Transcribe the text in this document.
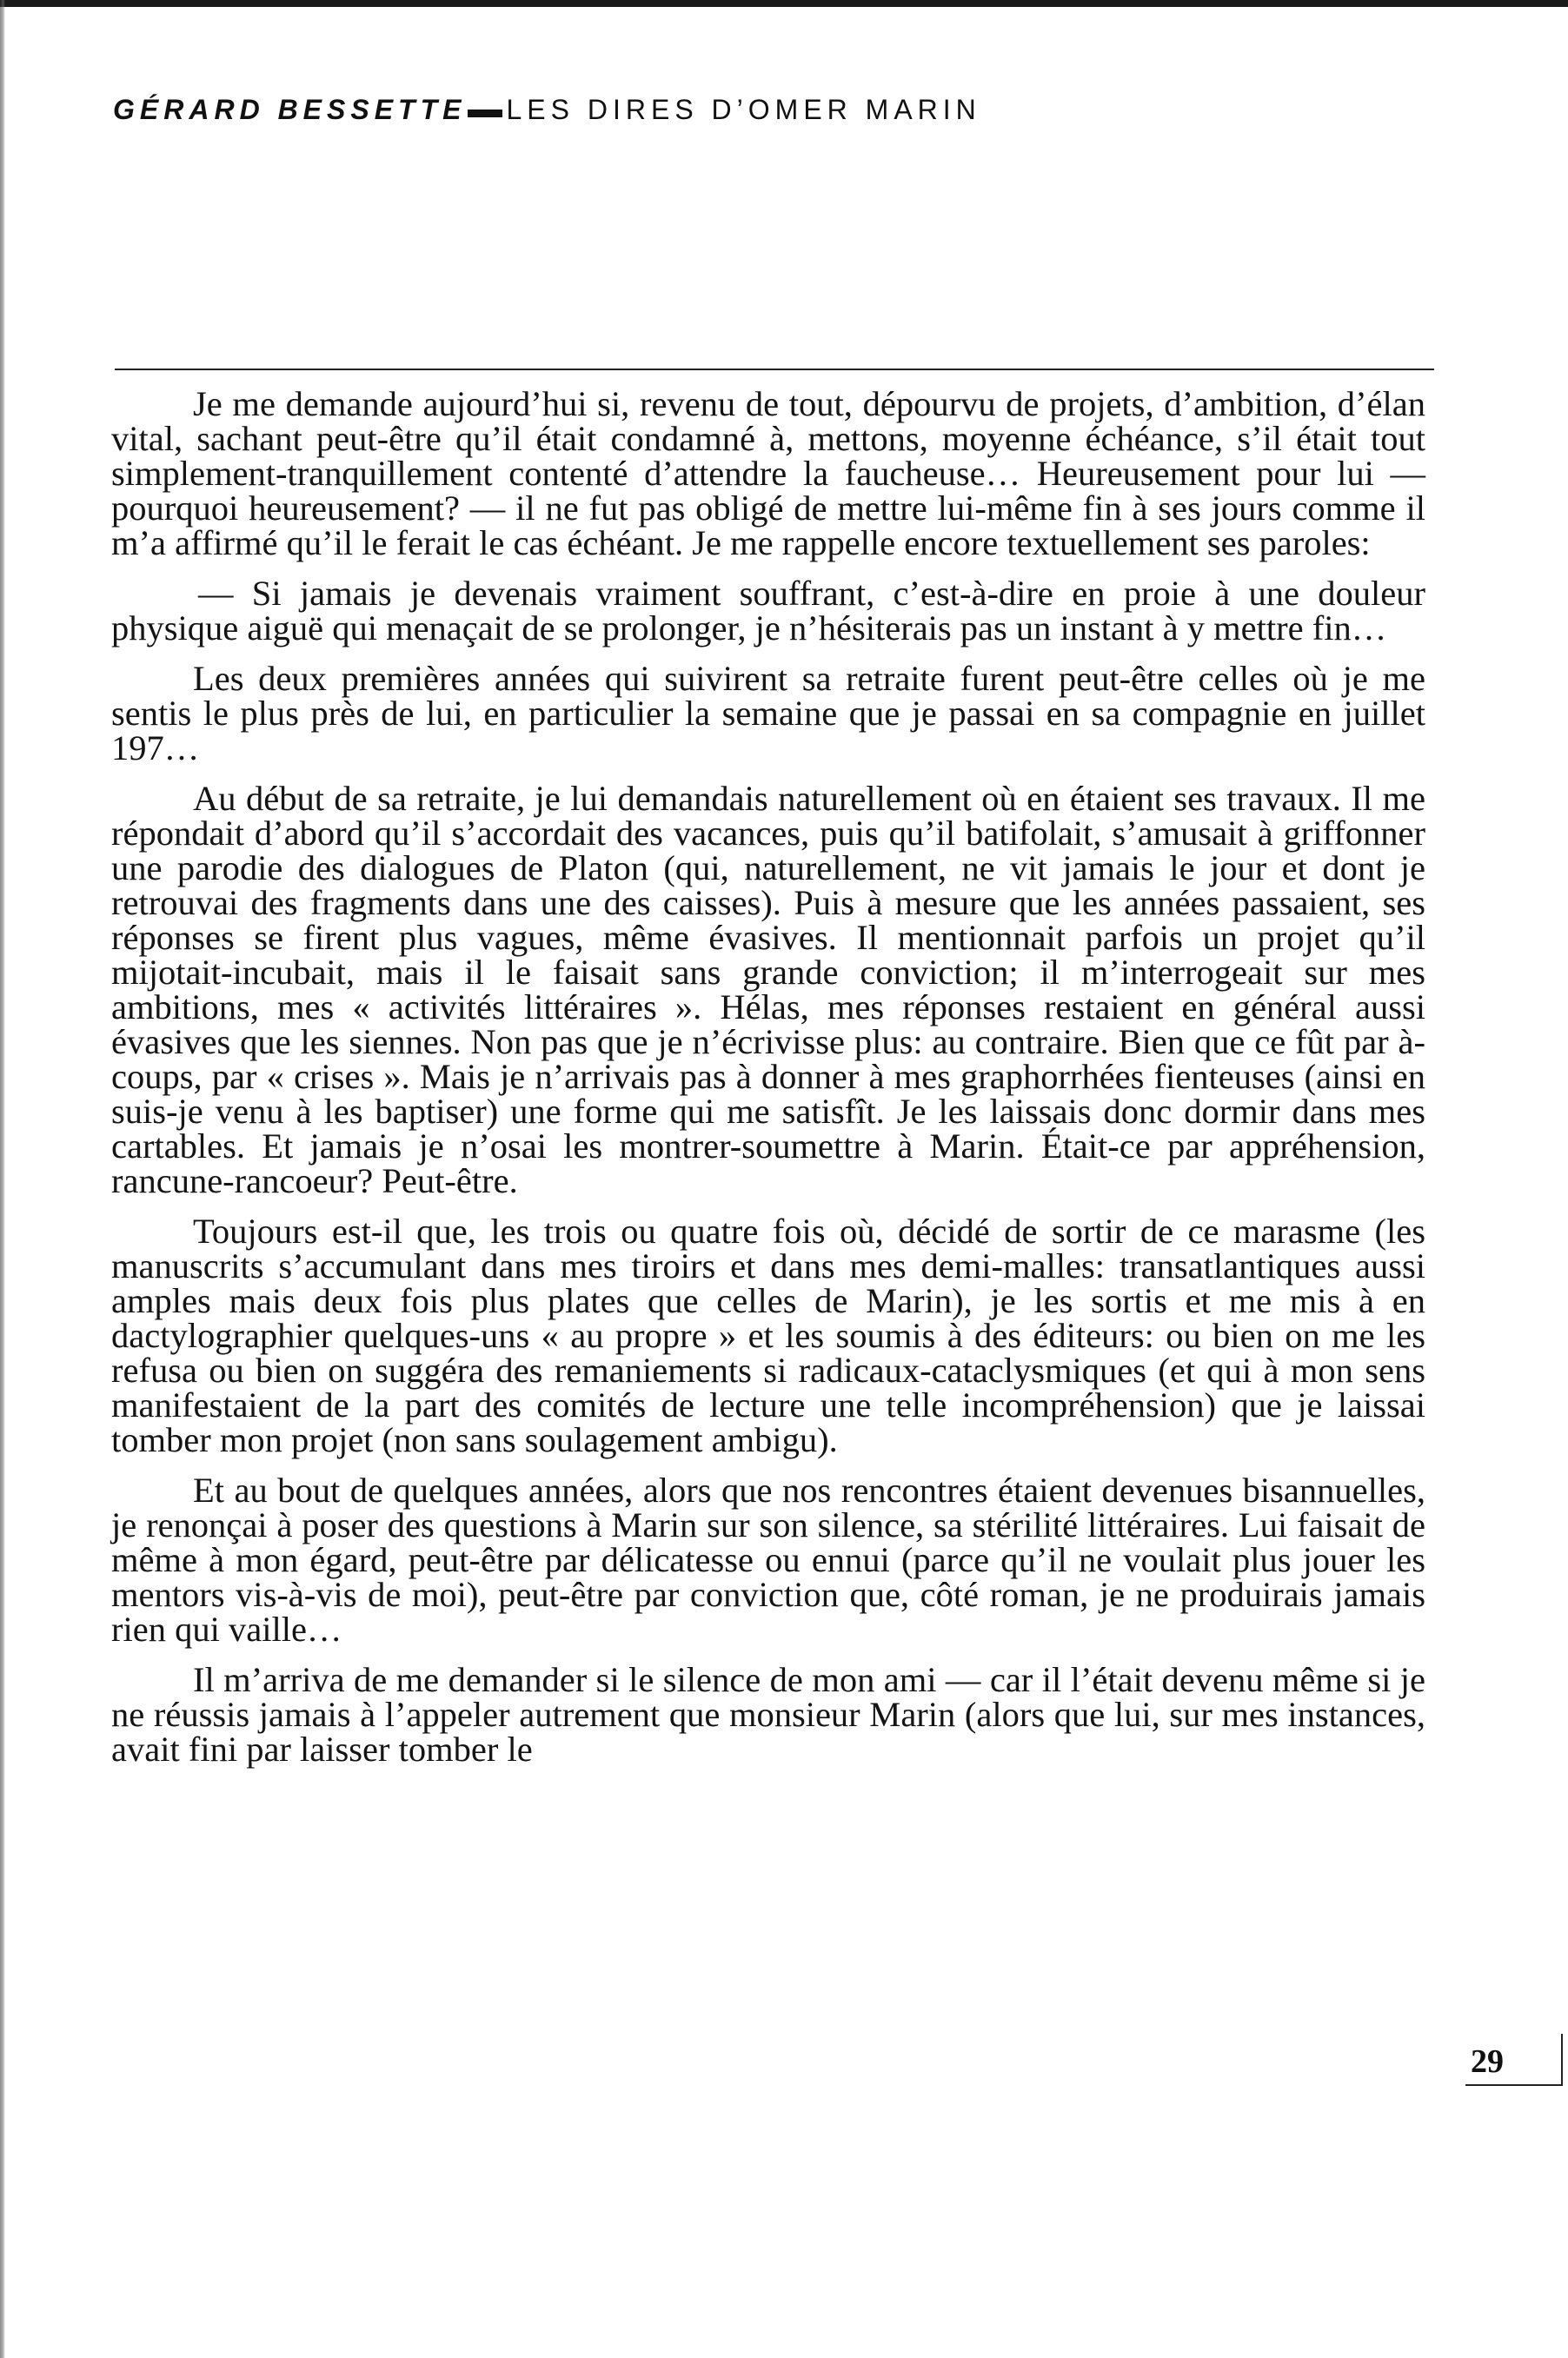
GÉRARD BESSETTE LES DIRES D’OMER MARIN

Je me demande aujourd’hui si, revenu de tout, dépourvu de projets, d’ambition, d’élan vital, sachant peut-être qu’il était condamné à, mettons, moyenne échéance, s’il était tout simplement-tranquillement contenté d’attendre la faucheuse… Heureusement pour lui — pourquoi heureusement? — il ne fut pas obligé de mettre lui-même fin à ses jours comme il m’a affirmé qu’il le ferait le cas échéant. Je me rappelle encore textuellement ses paroles:

— Si jamais je devenais vraiment souffrant, c’est-à-dire en proie à une douleur physique aiguë qui menaçait de se prolonger, je n’hésiterais pas un instant à y mettre fin…

Les deux premières années qui suivirent sa retraite furent peut-être celles où je me sentis le plus près de lui, en particulier la semaine que je passai en sa compagnie en juillet 197…

Au début de sa retraite, je lui demandais naturellement où en étaient ses travaux. Il me répondait d’abord qu’il s’accordait des vacances, puis qu’il batifolait, s’amusait à griffonner une parodie des dialogues de Platon (qui, naturellement, ne vit jamais le jour et dont je retrouvai des fragments dans une des caisses). Puis à mesure que les années passaient, ses réponses se firent plus vagues, même évasives. Il mentionnait parfois un projet qu’il mijotait-incubait, mais il le faisait sans grande conviction; il m’interrogeait sur mes ambitions, mes « activités littéraires ». Hélas, mes réponses restaient en général aussi évasives que les siennes. Non pas que je n’écrivisse plus: au contraire. Bien que ce fût par à-coups, par « crises ». Mais je n’arrivais pas à donner à mes graphorrhées fienteuses (ainsi en suis-je venu à les baptiser) une forme qui me satisfît. Je les laissais donc dormir dans mes cartables. Et jamais je n’osai les montrer-soumettre à Marin. Était-ce par appréhension, rancune-rancoeur? Peut-être.

Toujours est-il que, les trois ou quatre fois où, décidé de sortir de ce marasme (les manuscrits s’accumulant dans mes tiroirs et dans mes demi-malles: transatlantiques aussi amples mais deux fois plus plates que celles de Marin), je les sortis et me mis à en dactylographier quelques-uns « au propre » et les soumis à des éditeurs: ou bien on me les refusa ou bien on suggéra des remaniements si radicaux-cataclysmiques (et qui à mon sens manifestaient de la part des comités de lecture une telle incompréhension) que je laissai tomber mon projet (non sans soulagement ambigu).

Et au bout de quelques années, alors que nos rencontres étaient devenues bisannuelles, je renonçai à poser des questions à Marin sur son silence, sa stérilité littéraires. Lui faisait de même à mon égard, peut-être par délicatesse ou ennui (parce qu’il ne voulait plus jouer les mentors vis-à-vis de moi), peut-être par conviction que, côté roman, je ne produirais jamais rien qui vaille…

Il m’arriva de me demander si le silence de mon ami — car il l’était devenu même si je ne réussis jamais à l’appeler autrement que monsieur Marin (alors que lui, sur mes instances, avait fini par laisser tomber le

29
